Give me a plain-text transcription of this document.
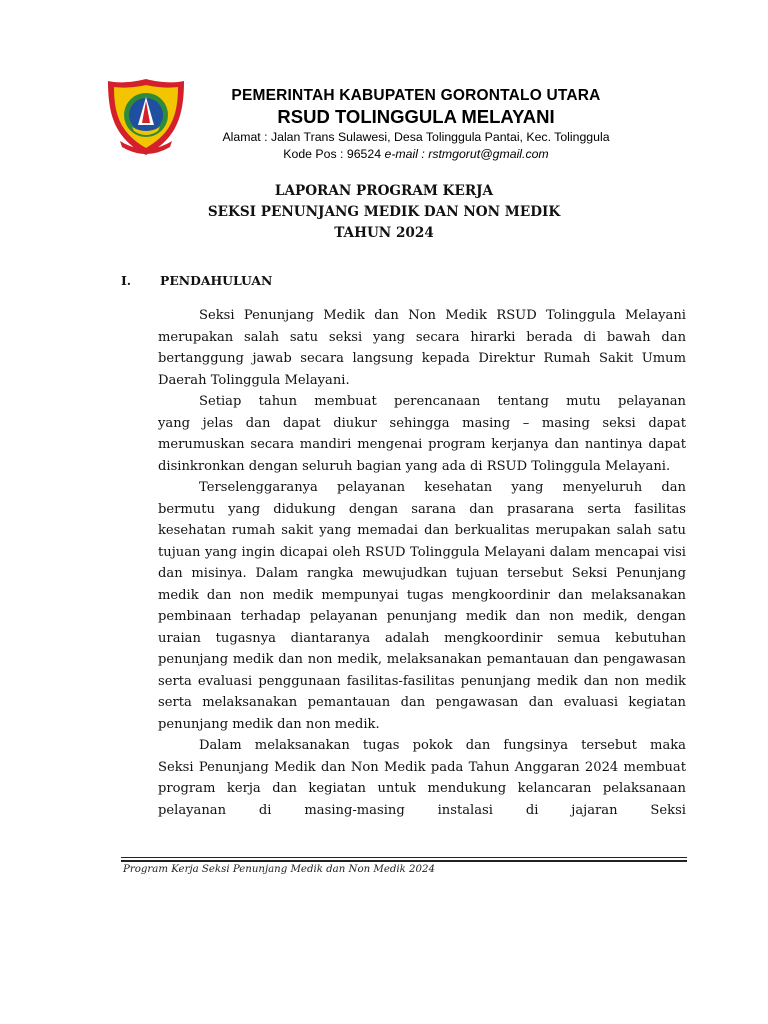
PEMERINTAH KABUPATEN GORONTALO UTARA
RSUD TOLINGGULA MELAYANI
Alamat : Jalan Trans Sulawesi, Desa Tolinggula Pantai, Kec. Tolinggula
Kode Pos : 96524 e-mail : rstmgorut@gmail.com
LAPORAN PROGRAM KERJA
SEKSI PENUNJANG MEDIK DAN NON MEDIK
TAHUN 2024
I. PENDAHULUAN

Seksi Penunjang Medik dan Non Medik RSUD Tolinggula Melayani
merupakan salah satu seksi yang secara hirarki berada di bawah dan bertanggung jawab secara langsung kepada Direktur Rumah Sakit Umum Daerah Tolinggula Melayani.

Setiap tahun membuat perencanaan tentang mutu pelayanan
yang jelas dan dapat diukur sehingga masing – masing seksi dapat merumuskan secara mandiri mengenai program kerjanya dan nantinya dapat disinkronkan dengan seluruh bagian yang ada di RSUD Tolinggula Melayani.

Terselenggaranya pelayanan kesehatan yang menyeluruh dan
bermutu yang didukung dengan sarana dan prasarana serta fasilitas kesehatan rumah sakit yang memadai dan berkualitas merupakan salah satu tujuan yang ingin dicapai oleh RSUD Tolinggula Melayani dalam mencapai visi dan misinya. Dalam rangka mewujudkan tujuan tersebut Seksi Penunjang medik dan non medik mempunyai tugas mengkoordinir dan melaksanakan pembinaan terhadap pelayanan penunjang medik dan non medik, dengan uraian tugasnya diantaranya adalah mengkoordinir semua kebutuhan penunjang medik dan non medik, melaksanakan pemantauan dan pengawasan serta evaluasi penggunaan fasilitas-fasilitas penunjang medik dan non medik serta melaksanakan pemantauan dan pengawasan dan evaluasi kegiatan penunjang medik dan non medik.

Dalam melaksanakan tugas pokok dan fungsinya tersebut maka
Seksi Penunjang Medik dan Non Medik pada Tahun Anggaran 2024 membuat program kerja dan kegiatan untuk mendukung kelancaran pelaksanaan pelayanan di masing-masing instalasi di jajaran Seksi

Program Kerja Seksi Penunjang Medik dan Non Medik 2024
